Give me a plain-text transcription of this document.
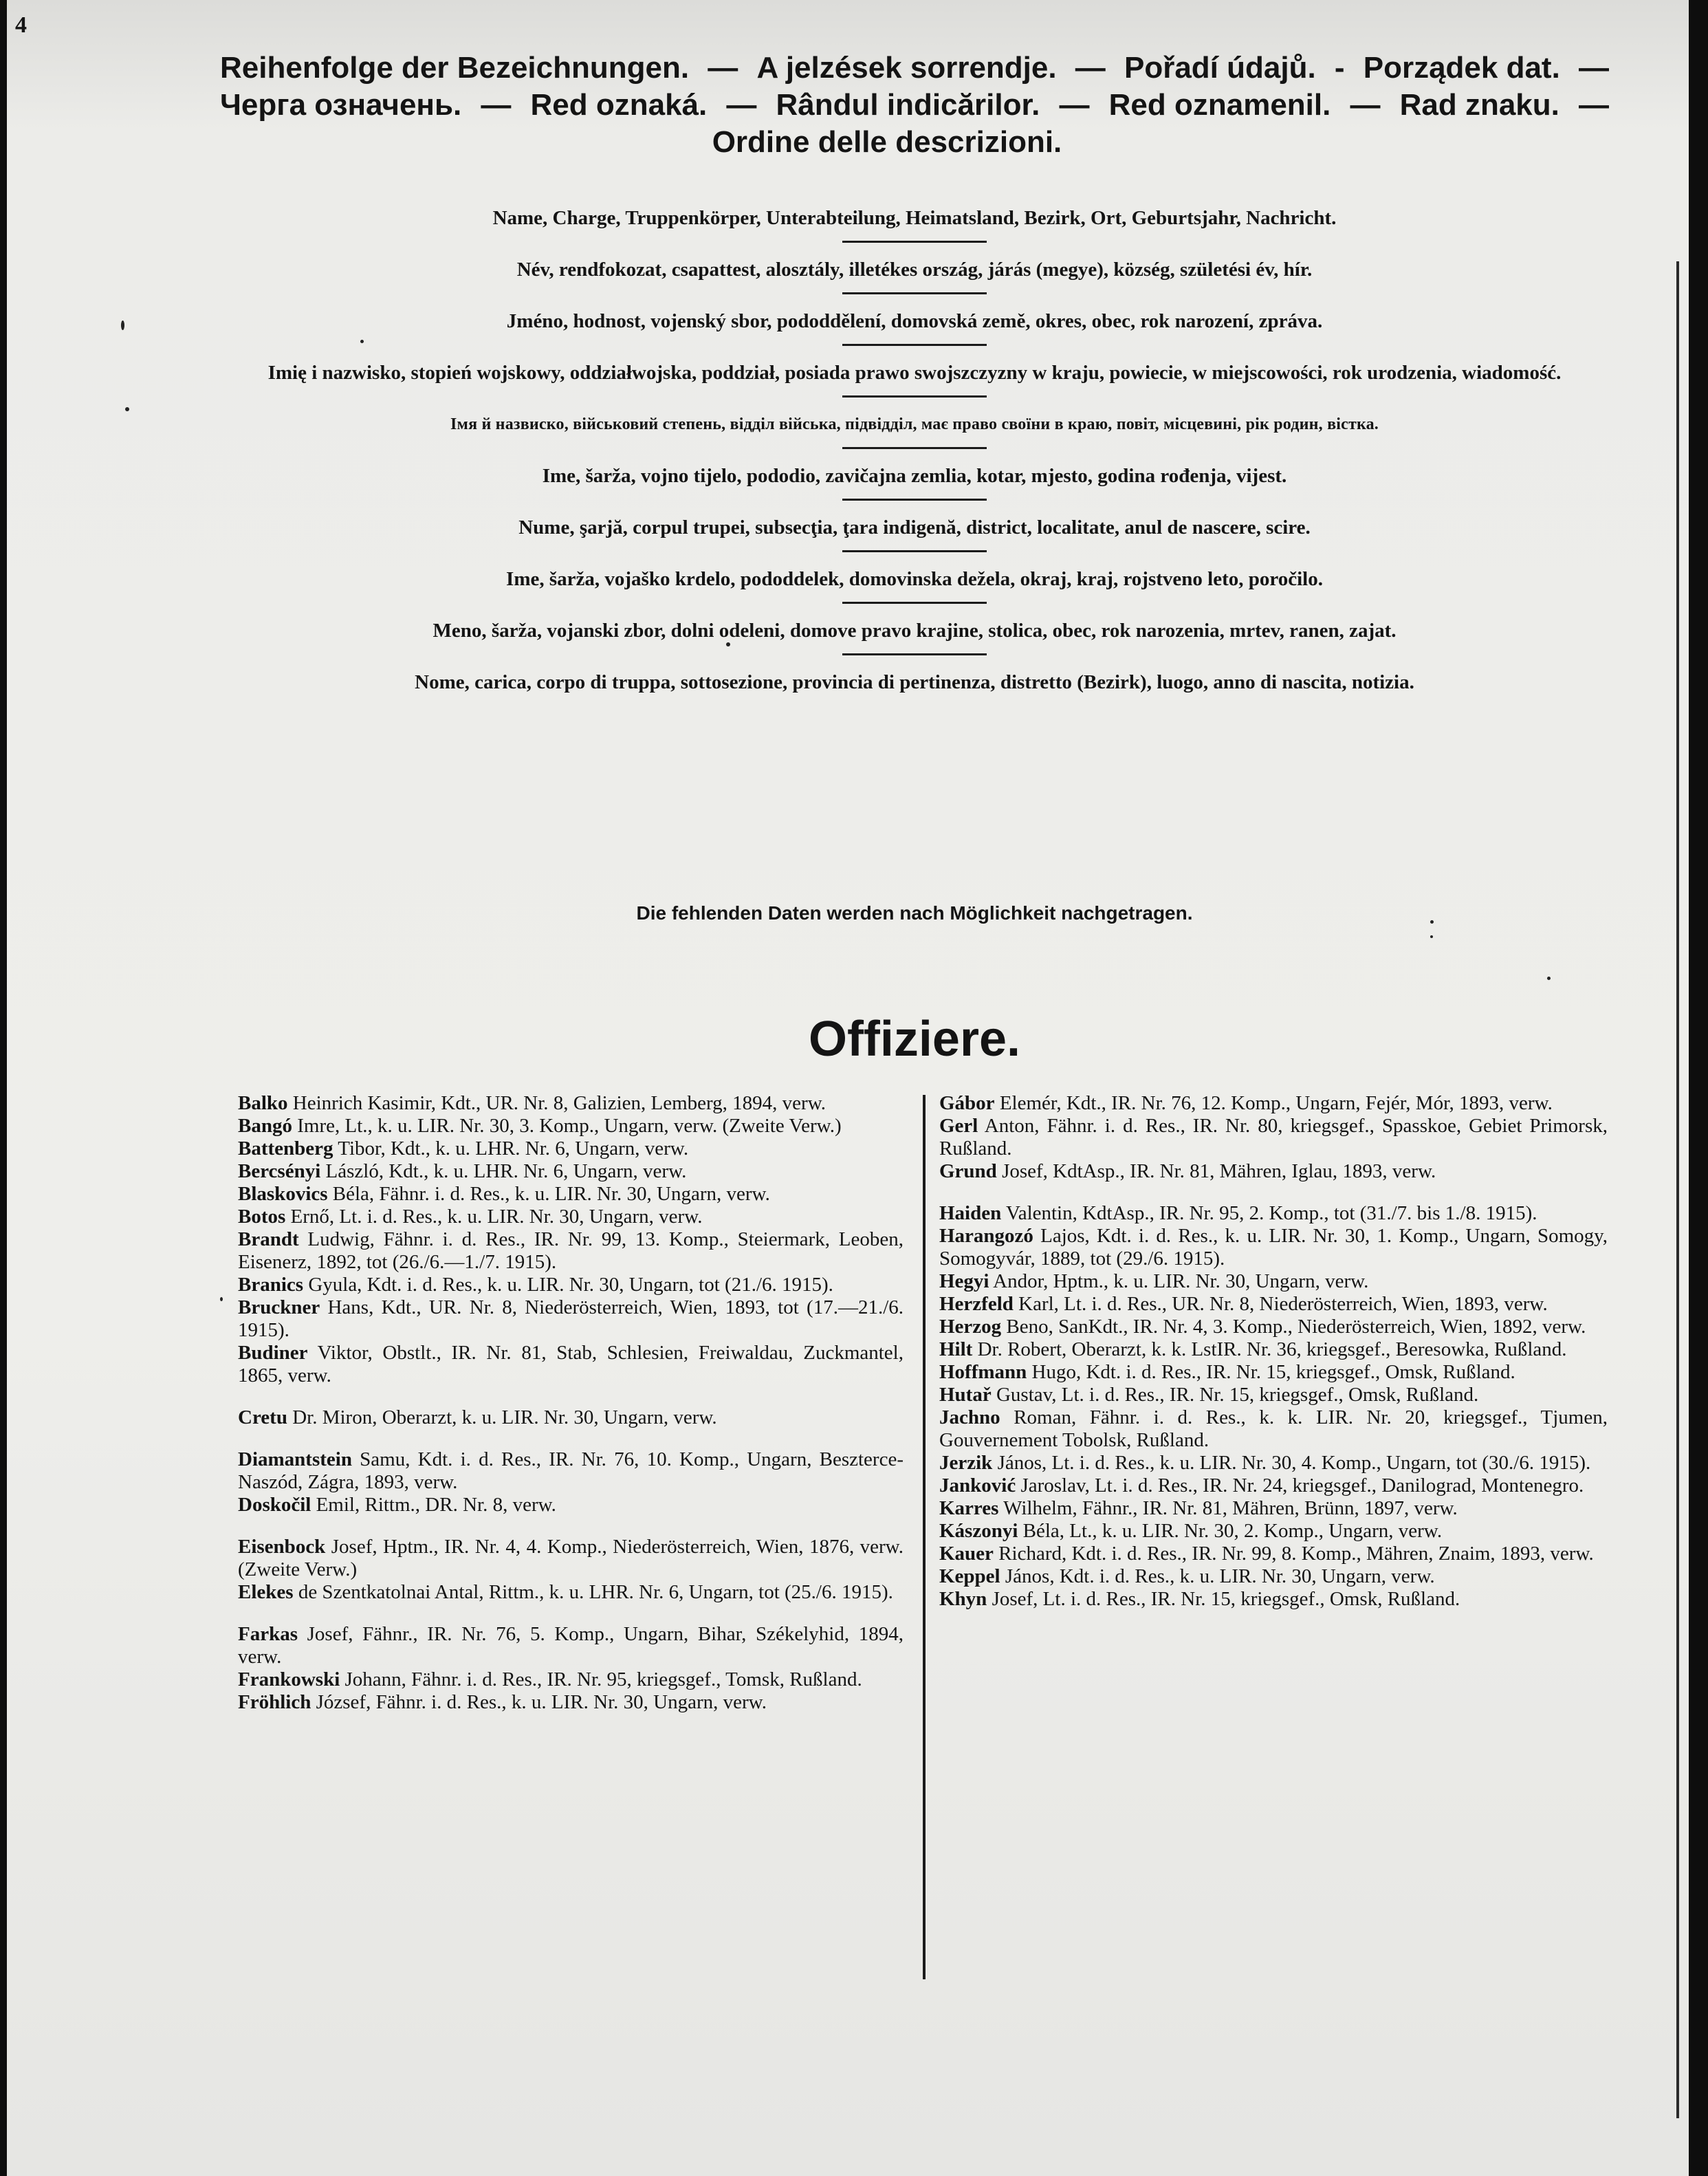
4
Reihenfolge der Bezeichnungen. — A jelzések sorrendje. — Pořadí údajů. - Porządek dat. —
Черга означень. — Red oznaká. — Rândul indicărilor. — Red oznamenil. — Rad znaku. —
Ordine delle descrizioni.
Name, Charge, Truppenkörper, Unterabteilung, Heimatsland, Bezirk, Ort, Geburtsjahr, Nachricht.
Név, rendfokozat, csapattest, alosztály, illetékes ország, járás (megye), község, születési év, hír.
Jméno, hodnost, vojenský sbor, pododdělení, domovská země, okres, obec, rok narození, zpráva.
Imię i nazwisko, stopień wojskowy, oddziałwojska, poddział, posiada prawo swojszczyzny w kraju, powiecie, w miejscowości, rok urodzenia, wiadomość.
Імя й назвиско, військовий степень, відділ війська, підвідділ, має право своїни в краю, повіт, місцевині, рік родин, вістка.
Ime, šarža, vojno tijelo, pododio, zavičajna zemlia, kotar, mjesto, godina rođenja, vijest.
Nume, şarjă, corpul trupei, subsecţia, ţara indigenă, district, localitate, anul de nascere, scire.
Ime, šarža, vojaško krdelo, pododdelek, domovinska dežela, okraj, kraj, rojstveno leto, poročilo.
Meno, šarža, vojanski zbor, dolni odeleni, domove pravo krajine, stolica, obec, rok narozenia, mrtev, ranen, zajat.
Nome, carica, corpo di truppa, sottosezione, provincia di pertinenza, distretto (Bezirk), luogo, anno di nascita, notizia.
Die fehlenden Daten werden nach Möglichkeit nachgetragen.
Offiziere.
Balko Heinrich Kasimir, Kdt., UR. Nr. 8, Galizien, Lemberg, 1894, verw.
Bangó Imre, Lt., k. u. LIR. Nr. 30, 3. Komp., Ungarn, verw. (Zweite Verw.)
Battenberg Tibor, Kdt., k. u. LHR. Nr. 6, Ungarn, verw.
Bercsényi László, Kdt., k. u. LHR. Nr. 6, Ungarn, verw.
Blaskovics Béla, Fähnr. i. d. Res., k. u. LIR. Nr. 30, Ungarn, verw.
Botos Ernő, Lt. i. d. Res., k. u. LIR. Nr. 30, Ungarn, verw.
Brandt Ludwig, Fähnr. i. d. Res., IR. Nr. 99, 13. Komp., Steiermark, Leoben, Eisenerz, 1892, tot (26./6.—1./7. 1915).
Branics Gyula, Kdt. i. d. Res., k. u. LIR. Nr. 30, Ungarn, tot (21./6. 1915).
Bruckner Hans, Kdt., UR. Nr. 8, Niederösterreich, Wien, 1893, tot (17.—21./6. 1915).
Budiner Viktor, Obstlt., IR. Nr. 81, Stab, Schlesien, Freiwaldau, Zuckmantel, 1865, verw.
Cretu Dr. Miron, Oberarzt, k. u. LIR. Nr. 30, Ungarn, verw.
Diamantstein Samu, Kdt. i. d. Res., IR. Nr. 76, 10. Komp., Ungarn, Beszterce-Naszód, Zágra, 1893, verw.
Doskočil Emil, Rittm., DR. Nr. 8, verw.
Eisenbock Josef, Hptm., IR. Nr. 4, 4. Komp., Niederösterreich, Wien, 1876, verw. (Zweite Verw.)
Elekes de Szentkatolnai Antal, Rittm., k. u. LHR. Nr. 6, Ungarn, tot (25./6. 1915).
Farkas Josef, Fähnr., IR. Nr. 76, 5. Komp., Ungarn, Bihar, Székelyhid, 1894, verw.
Frankowski Johann, Fähnr. i. d. Res., IR. Nr. 95, kriegsgef., Tomsk, Rußland.
Fröhlich József, Fähnr. i. d. Res., k. u. LIR. Nr. 30, Ungarn, verw.
Gábor Elemér, Kdt., IR. Nr. 76, 12. Komp., Ungarn, Fejér, Mór, 1893, verw.
Gerl Anton, Fähnr. i. d. Res., IR. Nr. 80, kriegsgef., Spasskoe, Gebiet Primorsk, Rußland.
Grund Josef, KdtAsp., IR. Nr. 81, Mähren, Iglau, 1893, verw.
Haiden Valentin, KdtAsp., IR. Nr. 95, 2. Komp., tot (31./7. bis 1./8. 1915).
Harangozó Lajos, Kdt. i. d. Res., k. u. LIR. Nr. 30, 1. Komp., Ungarn, Somogy, Somogyvár, 1889, tot (29./6. 1915).
Hegyi Andor, Hptm., k. u. LIR. Nr. 30, Ungarn, verw.
Herzfeld Karl, Lt. i. d. Res., UR. Nr. 8, Niederösterreich, Wien, 1893, verw.
Herzog Beno, SanKdt., IR. Nr. 4, 3. Komp., Niederösterreich, Wien, 1892, verw.
Hilt Dr. Robert, Oberarzt, k. k. LstIR. Nr. 36, kriegsgef., Beresowka, Rußland.
Hoffmann Hugo, Kdt. i. d. Res., IR. Nr. 15, kriegsgef., Omsk, Rußland.
Hutař Gustav, Lt. i. d. Res., IR. Nr. 15, kriegsgef., Omsk, Rußland.
Jachno Roman, Fähnr. i. d. Res., k. k. LIR. Nr. 20, kriegsgef., Tjumen, Gouvernement Tobolsk, Rußland.
Jerzik János, Lt. i. d. Res., k. u. LIR. Nr. 30, 4. Komp., Ungarn, tot (30./6. 1915).
Janković Jaroslav, Lt. i. d. Res., IR. Nr. 24, kriegsgef., Danilograd, Montenegro.
Karres Wilhelm, Fähnr., IR. Nr. 81, Mähren, Brünn, 1897, verw.
Kászonyi Béla, Lt., k. u. LIR. Nr. 30, 2. Komp., Ungarn, verw.
Kauer Richard, Kdt. i. d. Res., IR. Nr. 99, 8. Komp., Mähren, Znaim, 1893, verw.
Keppel János, Kdt. i. d. Res., k. u. LIR. Nr. 30, Ungarn, verw.
Khyn Josef, Lt. i. d. Res., IR. Nr. 15, kriegsgef., Omsk, Rußland.
